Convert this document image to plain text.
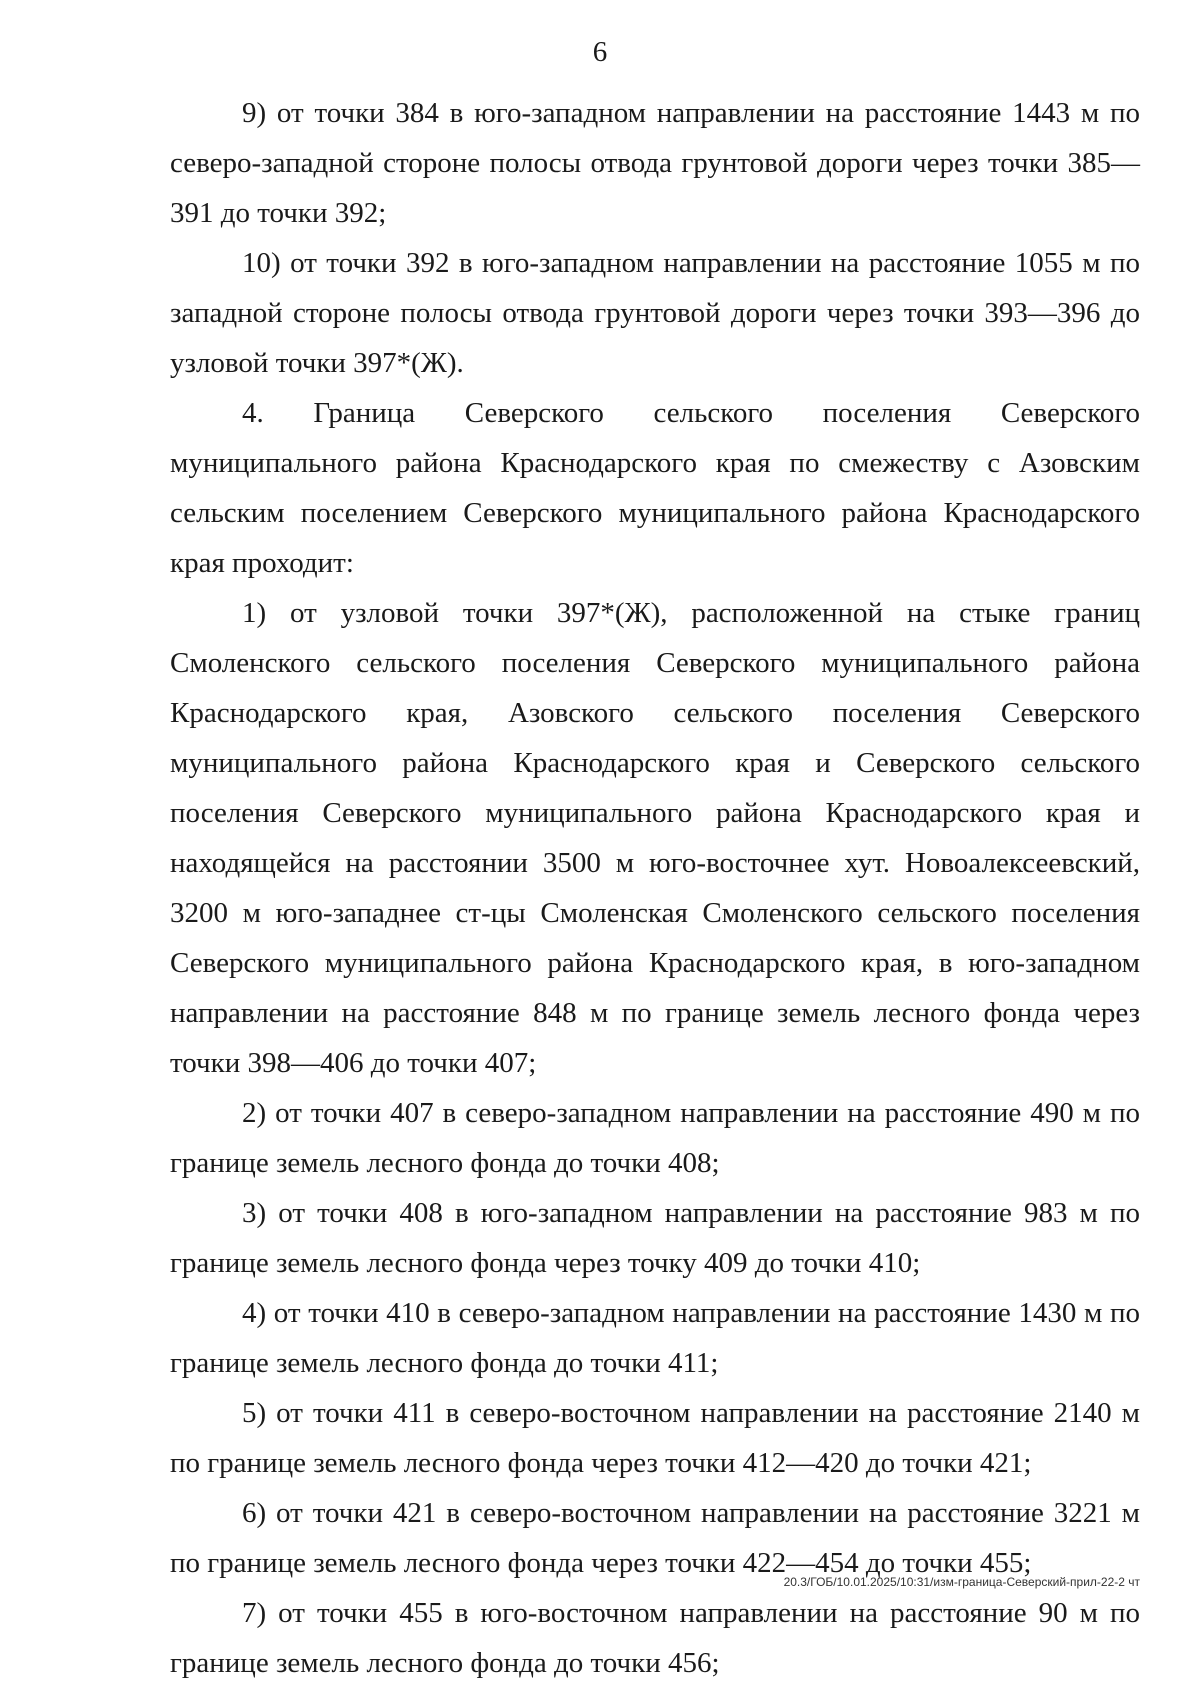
6

9) от точки 384 в юго-западном направлении на расстояние 1443 м по северо-западной стороне полосы отвода грунтовой дороги через точки 385—391 до точки 392;

10) от точки 392 в юго-западном направлении на расстояние 1055 м по западной стороне полосы отвода грунтовой дороги через точки 393—396 до узловой точки 397*(Ж).

4. Граница Северского сельского поселения Северского муниципального района Краснодарского края по смежеству с Азовским сельским поселением Северского муниципального района Краснодарского края проходит:

1) от узловой точки 397*(Ж), расположенной на стыке границ Смоленского сельского поселения Северского муниципального района Краснодарского края, Азовского сельского поселения Северского муниципального района Краснодарского края и Северского сельского поселения Северского муниципального района Краснодарского края и находящейся на расстоянии 3500 м юго-восточнее хут. Новоалексеевский, 3200 м юго-западнее ст-цы Смоленская Смоленского сельского поселения Северского муниципального района Краснодарского края, в юго-западном направлении на расстояние 848 м по границе земель лесного фонда через точки 398—406 до точки 407;

2) от точки 407 в северо-западном направлении на расстояние 490 м по границе земель лесного фонда до точки 408;

3) от точки 408 в юго-западном направлении на расстояние 983 м по границе земель лесного фонда через точку 409 до точки 410;

4) от точки 410 в северо-западном направлении на расстояние 1430 м по границе земель лесного фонда до точки 411;

5) от точки 411 в северо-восточном направлении на расстояние 2140 м по границе земель лесного фонда через точки 412—420 до точки 421;

6) от точки 421 в северо-восточном направлении на расстояние 3221 м по границе земель лесного фонда через точки 422—454 до точки 455;

7) от точки 455 в юго-восточном направлении на расстояние 90 м по границе земель лесного фонда до точки 456;

20.3/ГОБ/10.01.2025/10:31/изм-граница-Северский-прил-22-2 чт
